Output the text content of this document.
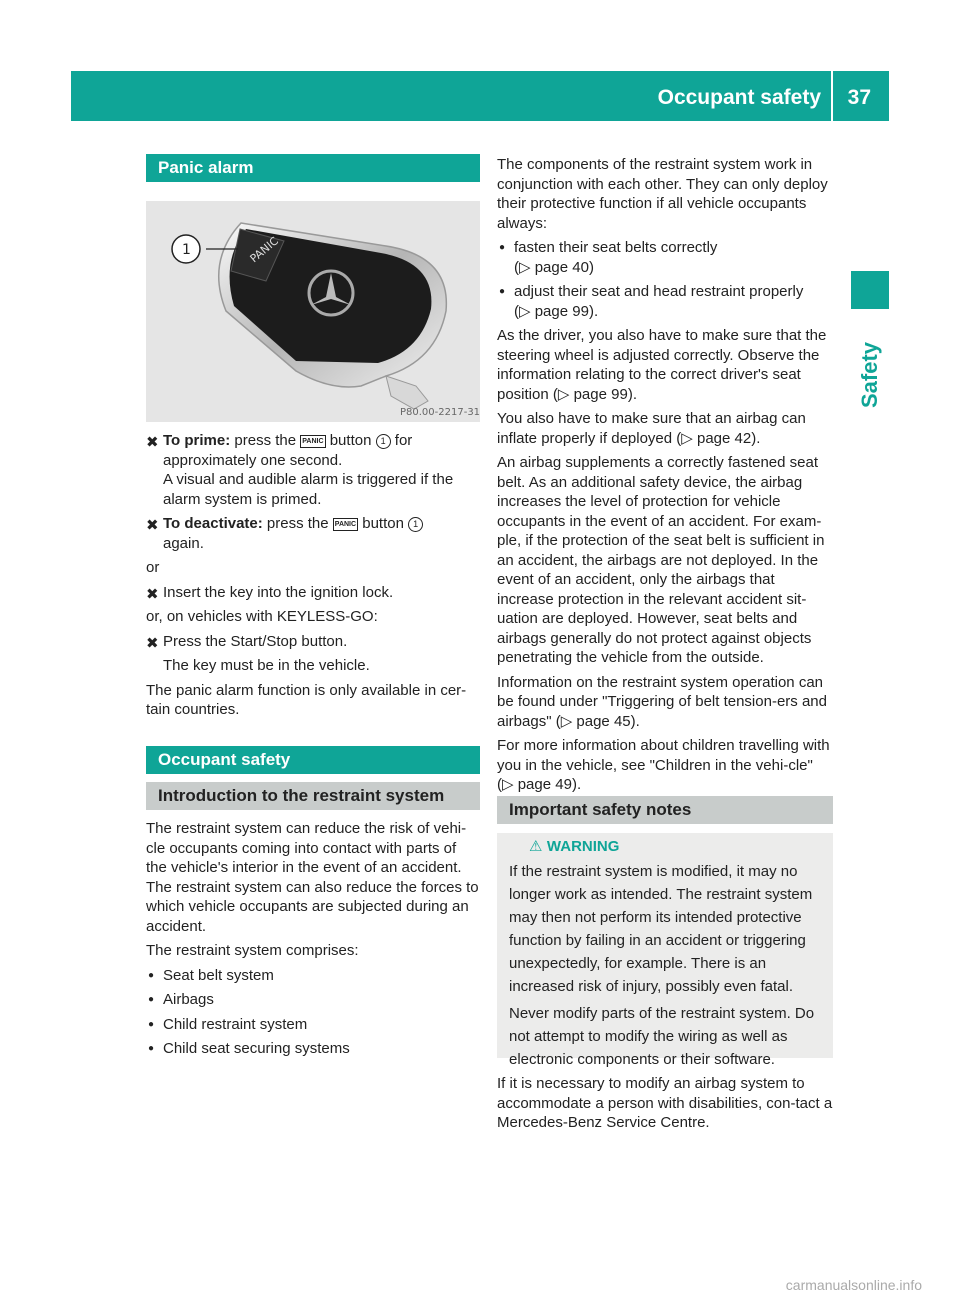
Occupant safety 37
Safety
Panic alarm
PANIC
1
P80.00-2217-31
✖ To prime: press the PANIC button 1 for approximately one second.
A visual and audible alarm is triggered if the alarm system is primed.
✖ To deactivate: press the PANIC button 1
again.

or

✖ Insert the key into the ignition lock.

or, on vehicles with KEYLESS-GO:

✖ Press the Start/Stop button.
The key must be in the vehicle.

The panic alarm function is only available in cer-tain countries.

Occupant safety
Introduction to the restraint system

The restraint system can reduce the risk of vehi-cle occupants coming into contact with parts of the vehicle's interior in the event of an accident. The restraint system can also reduce the forces to which vehicle occupants are subjected during an accident.

The restraint system comprises:

● Seat belt system
● Airbags
● Child restraint system
● Child seat securing systems

The components of the restraint system work in conjunction with each other. They can only deploy their protective function if all vehicle occupants always:

● fasten their seat belts correctly
(▷ page 40)
● adjust their seat and head restraint properly
(▷ page 99).

As the driver, you also have to make sure that the steering wheel is adjusted correctly. Observe the information relating to the correct driver's seat position (▷ page 99).

You also have to make sure that an airbag can inflate properly if deployed (▷ page 42).

An airbag supplements a correctly fastened seat belt. As an additional safety device, the airbag increases the level of protection for vehicle occupants in the event of an accident. For exam-ple, if the protection of the seat belt is sufficient in an accident, the airbags are not deployed. In the event of an accident, only the airbags that increase protection in the relevant accident sit-uation are deployed. However, seat belts and airbags generally do not protect against objects penetrating the vehicle from the outside.

Information on the restraint system operation can be found under "Triggering of belt tension-ers and airbags" (▷ page 45).

For more information about children travelling with you in the vehicle, see "Children in the vehi-cle" (▷ page 49).

Important safety notes
⚠ WARNING

If the restraint system is modified, it may no longer work as intended. The restraint system may then not perform its intended protective function by failing in an accident or triggering unexpectedly, for example. There is an increased risk of injury, possibly even fatal.

Never modify parts of the restraint system. Do not attempt to modify the wiring as well as electronic components or their software.

If it is necessary to modify an airbag system to accommodate a person with disabilities, con-tact a Mercedes-Benz Service Centre.

carmanualsonline.info
